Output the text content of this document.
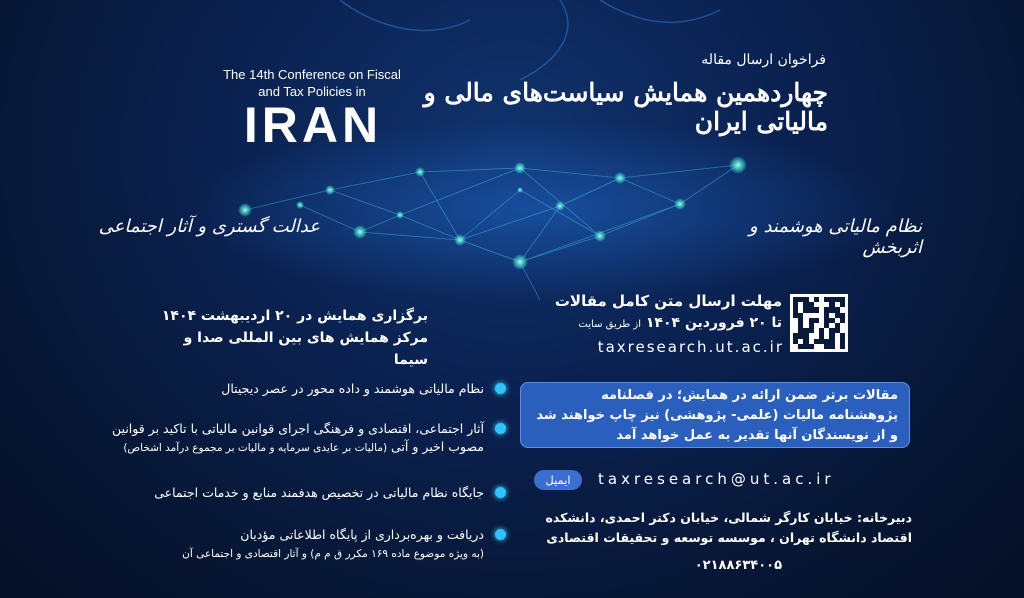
The 14th Conference on Fiscal and Tax Policies in
IRAN
فراخوان ارسال مقاله
چهاردهمین همایش سیاست‌های مالی و مالیاتی ایران
نظام مالیاتی هوشمند و اثربخش
عدالت گستری و آثار اجتماعی
برگزاری همایش در ۲۰ اردیبهشت ۱۴۰۴
مرکز همایش های بین المللی صدا و سیما
مهلت ارسال متن کامل مقالات
تا ۲۰ فروردین ۱۴۰۴ از طریق سایت
taxresearch.ut.ac.ir
نظام مالیاتی هوشمند و داده محور در عصر دیجیتال
آثار اجتماعی، اقتصادی و فرهنگی اجرای قوانین مالیاتی با تاکید بر قوانین مصوب اخیر و آتی (مالیات بر عایدی سرمایه و مالیات بر مجموع درآمد اشخاص)
جایگاه نظام مالیاتی در تخصیص هدفمند منابع و خدمات اجتماعی
دریافت و بهره‌برداری از پایگاه اطلاعاتی مؤدیان
(به ویژه موضوع ماده ۱۶۹ مکرر ق م م) و آثار اقتصادی و اجتماعی آن
مقالات برتر ضمن ارائه در همایش؛ در فصلنامه پژوهشنامه مالیات (علمی- پژوهشی) نیز چاپ خواهند شد و از نویسندگان آنها تقدیر به عمل خواهد آمد
ایمیل	taxresearch@ut.ac.ir
دبیرخانه: خیابان کارگر شمالی، خیابان دکتر احمدی، دانشکده اقتصاد دانشگاه تهران ، موسسه توسعه و تحقیقات اقتصادی
۰۲۱۸۸۶۳۴۰۰۵
